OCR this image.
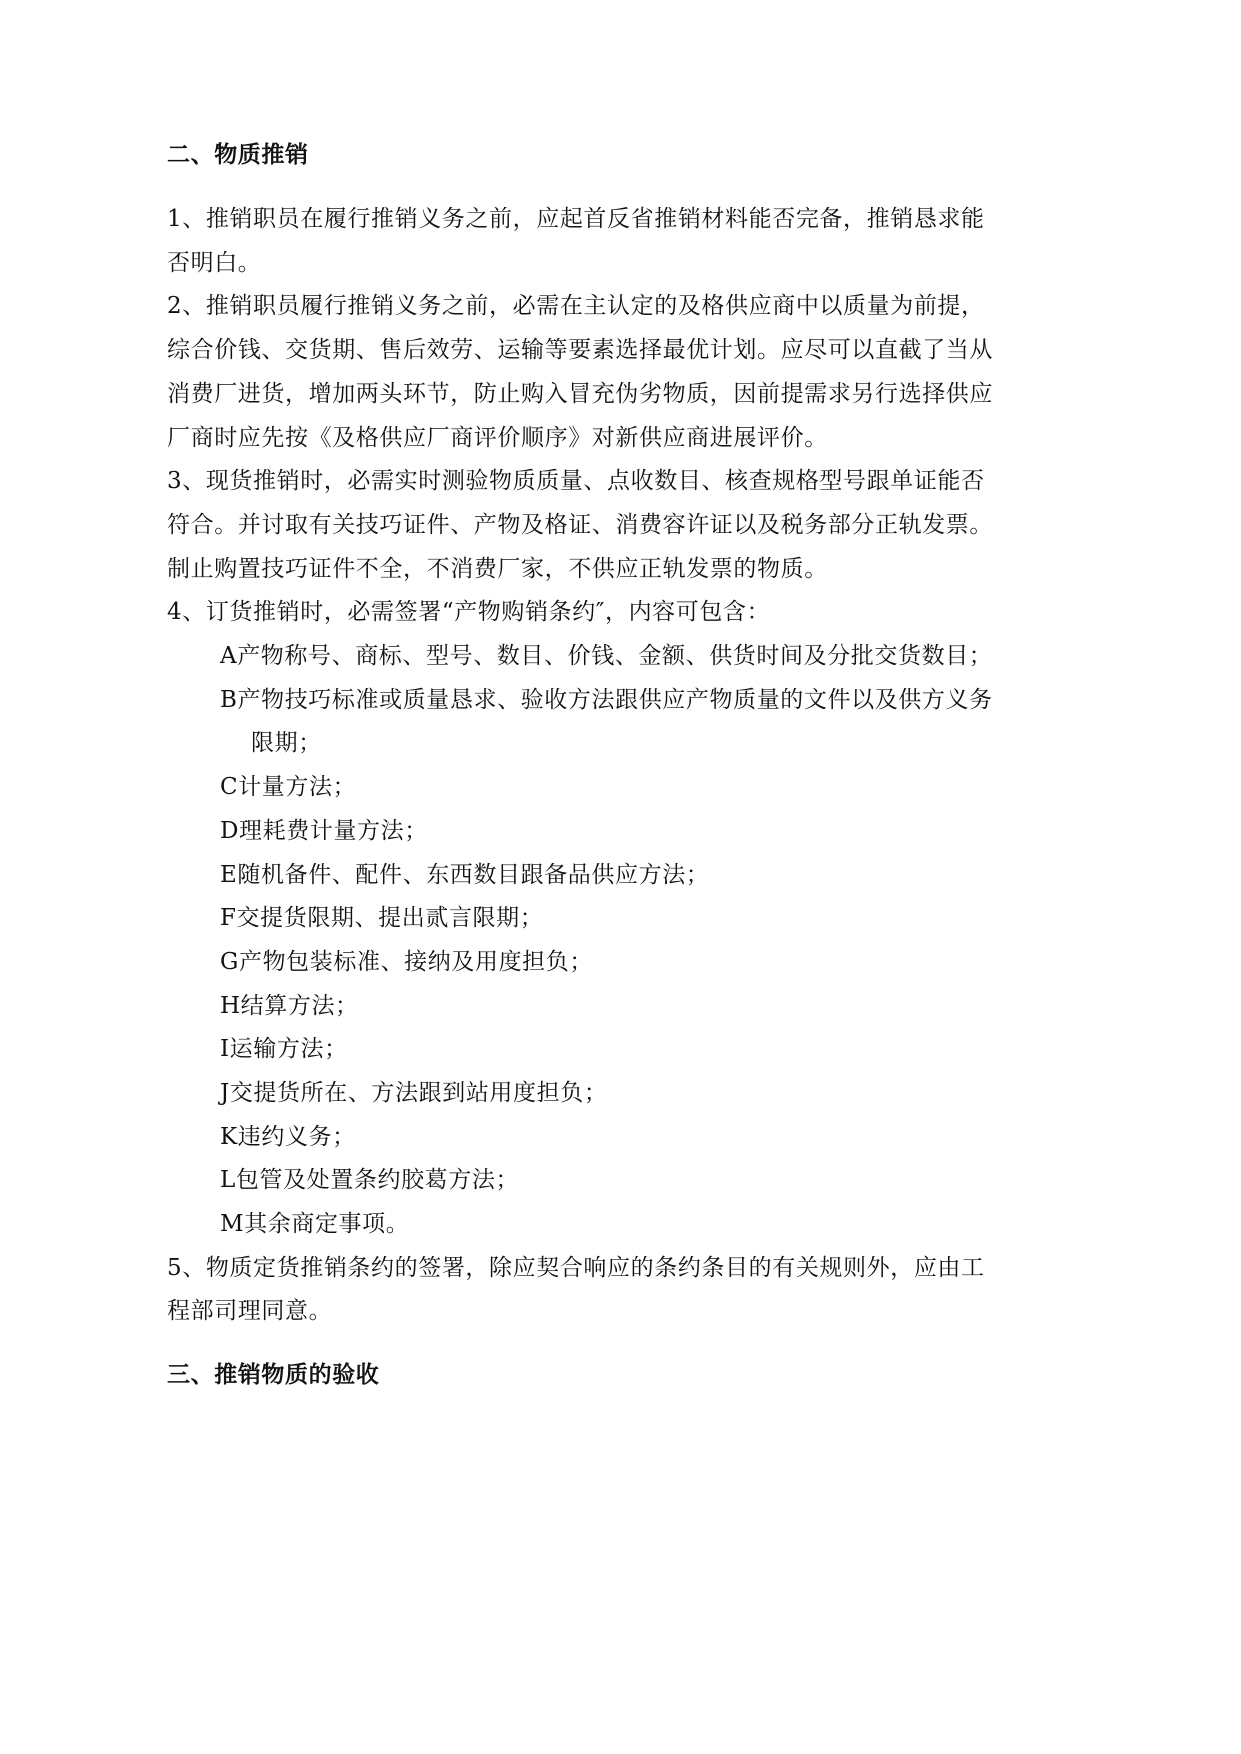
二、物质推销
1、推销职员在履行推销义务之前，应起首反省推销材料能否完备，推销恳求能
否明白。
2、推销职员履行推销义务之前，必需在主认定的及格供应商中以质量为前提，
综合价钱、交货期、售后效劳、运输等要素选择最优计划。应尽可以直截了当从
消费厂进货，增加两头环节，防止购入冒充伪劣物质，因前提需求另行选择供应
厂商时应先按《及格供应厂商评价顺序》对新供应商进展评价。
3、现货推销时，必需实时测验物质质量、点收数目、核查规格型号跟单证能否
符合。并讨取有关技巧证件、产物及格证、消费容许证以及税务部分正轨发票。
制止购置技巧证件不全，不消费厂家，不供应正轨发票的物质。
4、订货推销时，必需签署“产物购销条约″，内容可包含：
A产物称号、商标、型号、数目、价钱、金额、供货时间及分批交货数目；
B产物技巧标准或质量恳求、验收方法跟供应产物质量的文件以及供方义务
限期；
C计量方法；
D理耗费计量方法；
E随机备件、配件、东西数目跟备品供应方法；
F交提货限期、提出贰言限期；
G产物包装标准、接纳及用度担负；
H结算方法；
I运输方法；
J交提货所在、方法跟到站用度担负；
K违约义务；
L包管及处置条约胶葛方法；
M其余商定事项。
5、物质定货推销条约的签署，除应契合响应的条约条目的有关规则外，应由工
程部司理同意。
三、推销物质的验收
